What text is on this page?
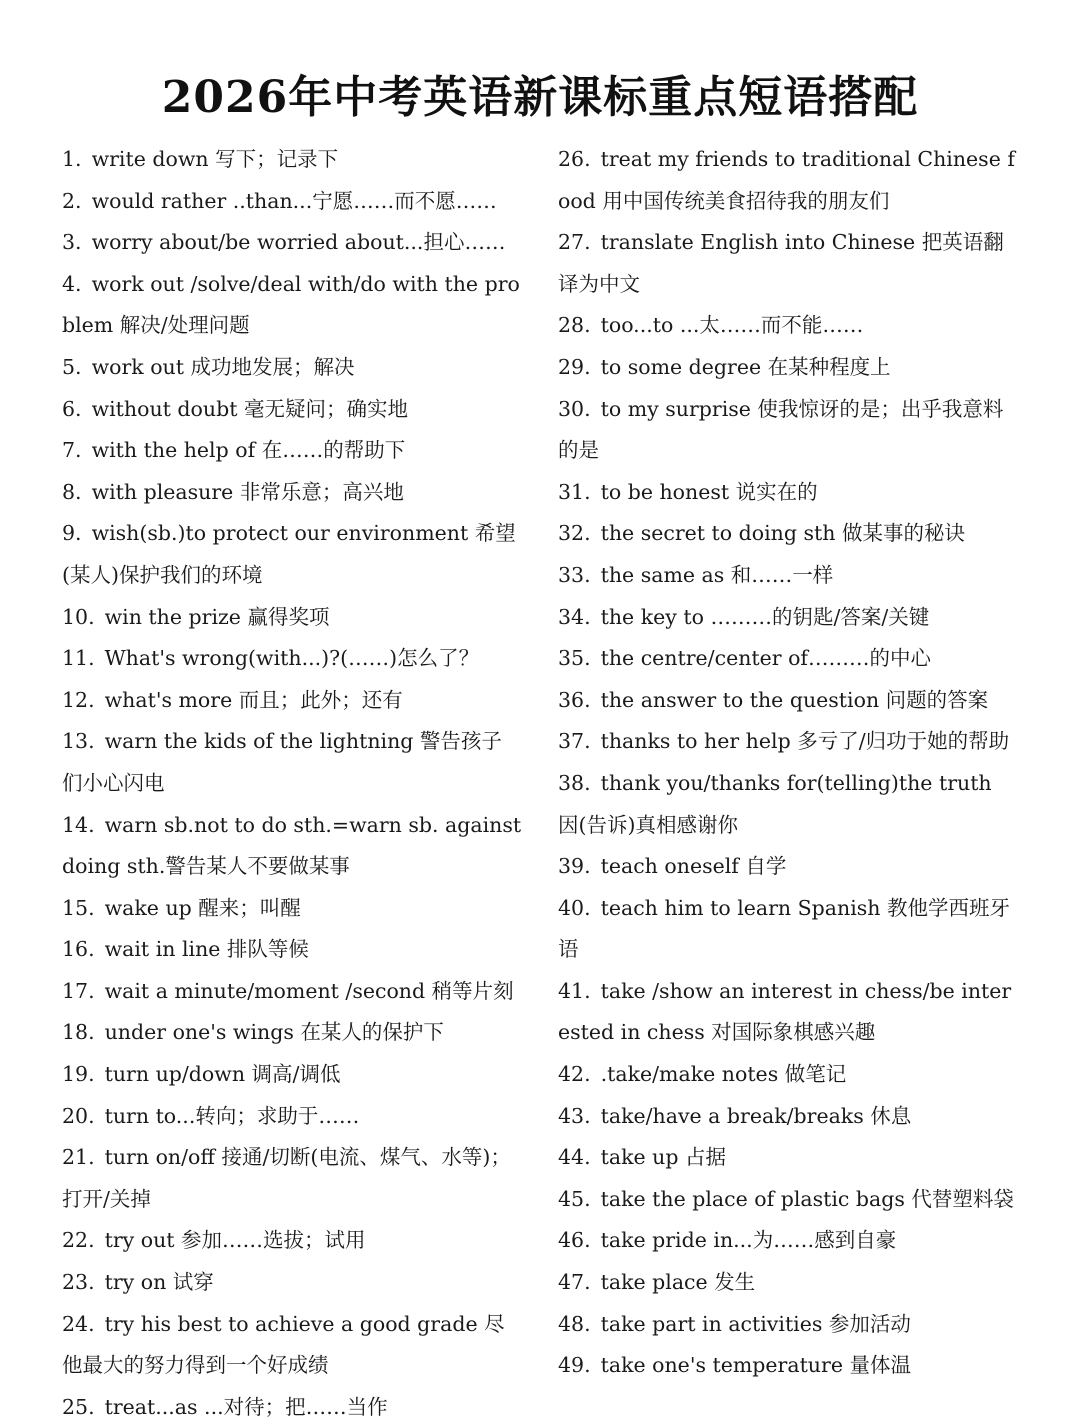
2026年中考英语新课标重点短语搭配
1. write down 写下；记录下
2. would rather ..than...宁愿……而不愿……
3. worry about/be worried about...担心……
4. work out /solve/deal with/do with the problem 解决/处理问题
5. work out 成功地发展；解决
6. without doubt 毫无疑问；确实地
7. with the help of 在……的帮助下
8. with pleasure 非常乐意；高兴地
9. wish(sb.)to protect our environment 希望(某人)保护我们的环境
10. win the prize 赢得奖项
11. What's wrong(with...)?(……)怎么了？
12. what's more 而且；此外；还有
13. warn the kids of the lightning 警告孩子们小心闪电
14. warn sb.not to do sth.=warn sb. against doing sth.警告某人不要做某事
15. wake up 醒来；叫醒
16. wait in line 排队等候
17. wait a minute/moment /second 稍等片刻
18. under one's wings 在某人的保护下
19. turn up/down 调高/调低
20. turn to...转向；求助于……
21. turn on/off 接通/切断(电流、煤气、水等)；打开/关掉
22. try out 参加……选拔；试用
23. try on 试穿
24. try his best to achieve a good grade 尽他最大的努力得到一个好成绩
25. treat...as ...对待；把……当作
26. treat my friends to traditional Chinese food 用中国传统美食招待我的朋友们
27. translate English into Chinese 把英语翻译为中文
28. too...to ...太……而不能……
29. to some degree 在某种程度上
30. to my surprise 使我惊讶的是；出乎我意料的是
31. to be honest 说实在的
32. the secret to doing sth 做某事的秘诀
33. the same as 和……一样
34. the key to ………的钥匙/答案/关键
35. the centre/center of………的中心
36. the answer to the question 问题的答案
37. thanks to her help 多亏了/归功于她的帮助
38. thank you/thanks for(telling)the truth 因(告诉)真相感谢你
39. teach oneself 自学
40. teach him to learn Spanish 教他学西班牙语
41. take /show an interest in chess/be interested in chess 对国际象棋感兴趣
42. .take/make notes 做笔记
43. take/have a break/breaks 休息
44. take up 占据
45. take the place of plastic bags 代替塑料袋
46. take pride in...为……感到自豪
47. take place 发生
48. take part in activities 参加活动
49. take one's temperature 量体温
